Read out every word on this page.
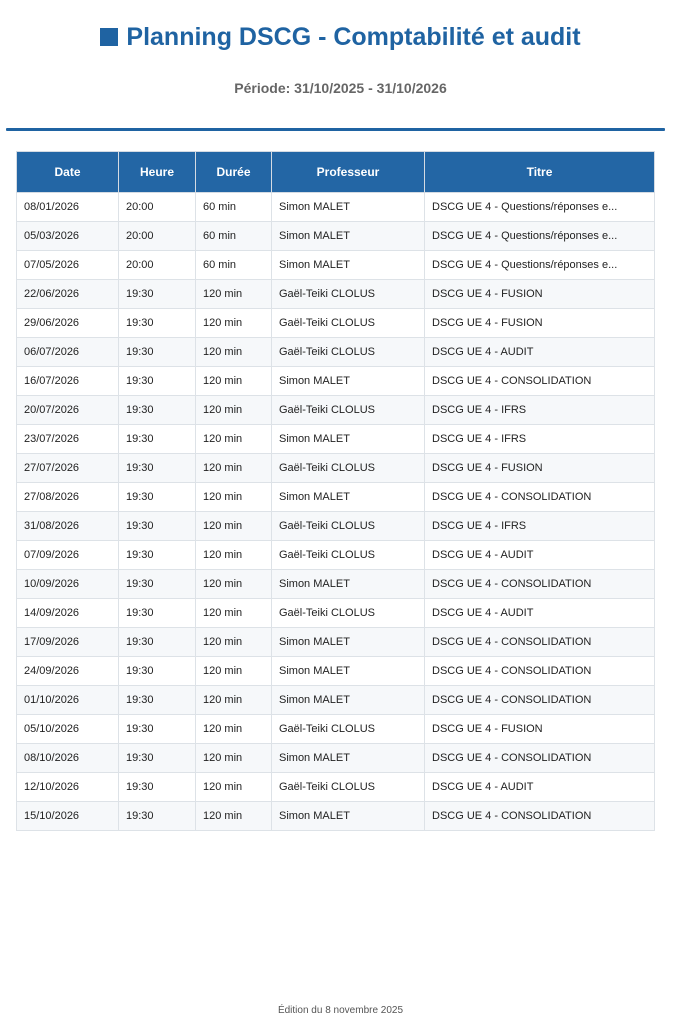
Planning DSCG - Comptabilité et audit
Période: 31/10/2025 - 31/10/2026
Date	Heure	Durée	Professeur	Titre
08/01/2026	20:00	60 min	Simon MALET	DSCG UE 4 - Questions/réponses e...
05/03/2026	20:00	60 min	Simon MALET	DSCG UE 4 - Questions/réponses e...
07/05/2026	20:00	60 min	Simon MALET	DSCG UE 4 - Questions/réponses e...
22/06/2026	19:30	120 min	Gaël-Teiki CLOLUS	DSCG UE 4 - FUSION
29/06/2026	19:30	120 min	Gaël-Teiki CLOLUS	DSCG UE 4 - FUSION
06/07/2026	19:30	120 min	Gaël-Teiki CLOLUS	DSCG UE 4 - AUDIT
16/07/2026	19:30	120 min	Simon MALET	DSCG UE 4 - CONSOLIDATION
20/07/2026	19:30	120 min	Gaël-Teiki CLOLUS	DSCG UE 4 - IFRS
23/07/2026	19:30	120 min	Simon MALET	DSCG UE 4 - IFRS
27/07/2026	19:30	120 min	Gaël-Teiki CLOLUS	DSCG UE 4 - FUSION
27/08/2026	19:30	120 min	Simon MALET	DSCG UE 4 - CONSOLIDATION
31/08/2026	19:30	120 min	Gaël-Teiki CLOLUS	DSCG UE 4 - IFRS
07/09/2026	19:30	120 min	Gaël-Teiki CLOLUS	DSCG UE 4 - AUDIT
10/09/2026	19:30	120 min	Simon MALET	DSCG UE 4 - CONSOLIDATION
14/09/2026	19:30	120 min	Gaël-Teiki CLOLUS	DSCG UE 4 - AUDIT
17/09/2026	19:30	120 min	Simon MALET	DSCG UE 4 - CONSOLIDATION
24/09/2026	19:30	120 min	Simon MALET	DSCG UE 4 - CONSOLIDATION
01/10/2026	19:30	120 min	Simon MALET	DSCG UE 4 - CONSOLIDATION
05/10/2026	19:30	120 min	Gaël-Teiki CLOLUS	DSCG UE 4 - FUSION
08/10/2026	19:30	120 min	Simon MALET	DSCG UE 4 - CONSOLIDATION
12/10/2026	19:30	120 min	Gaël-Teiki CLOLUS	DSCG UE 4 - AUDIT
15/10/2026	19:30	120 min	Simon MALET	DSCG UE 4 - CONSOLIDATION
Édition du 8 novembre 2025
